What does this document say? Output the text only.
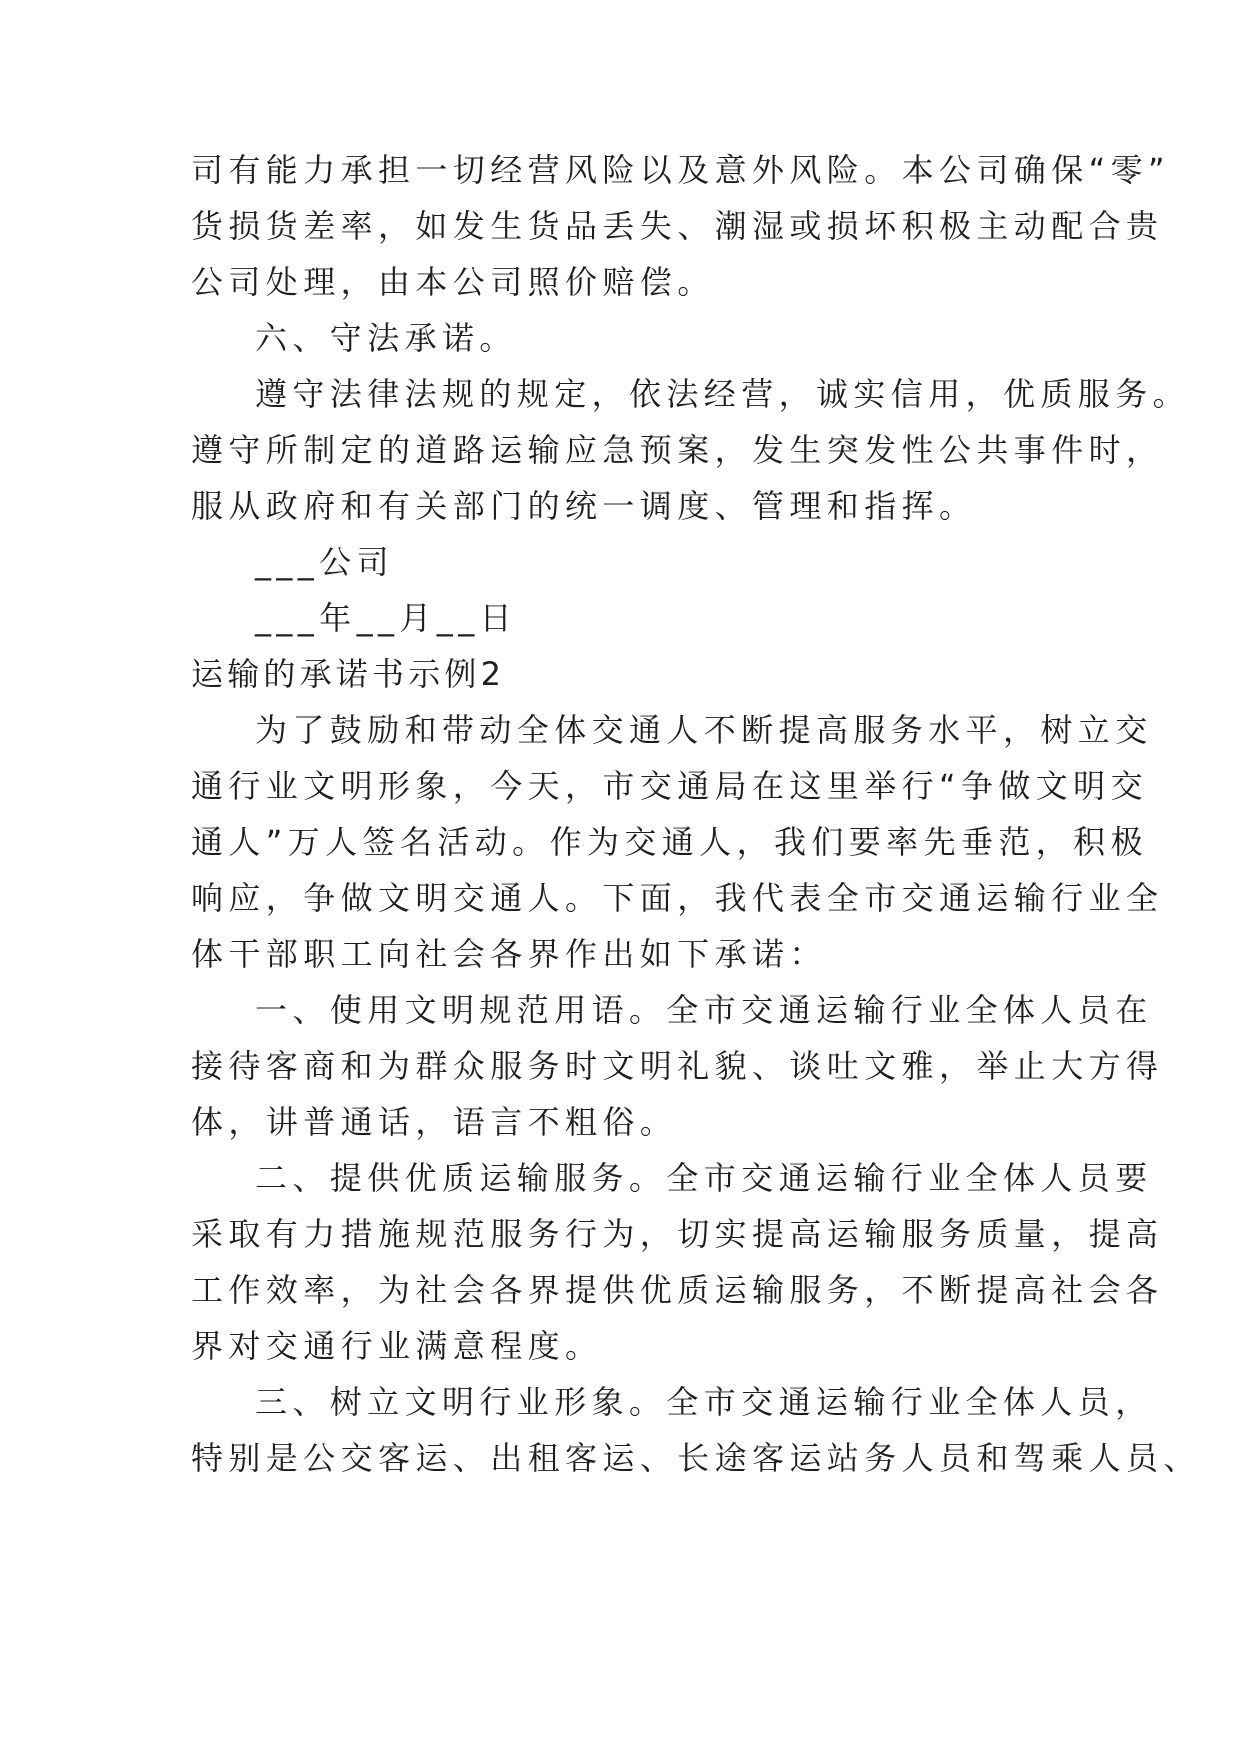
司有能力承担一切经营风险以及意外风险。本公司确保“零”
货损货差率，如发生货品丢失、潮湿或损坏积极主动配合贵
公司处理，由本公司照价赔偿。
六、守法承诺。
遵守法律法规的规定，依法经营，诚实信用，优质服务。
遵守所制定的道路运输应急预案，发生突发性公共事件时，
服从政府和有关部门的统一调度、管理和指挥。
___公司
___年__月__日
运输的承诺书示例2
为了鼓励和带动全体交通人不断提高服务水平，树立交
通行业文明形象，今天，市交通局在这里举行“争做文明交
通人”万人签名活动。作为交通人，我们要率先垂范，积极
响应，争做文明交通人。下面，我代表全市交通运输行业全
体干部职工向社会各界作出如下承诺：
一、使用文明规范用语。全市交通运输行业全体人员在
接待客商和为群众服务时文明礼貌、谈吐文雅，举止大方得
体，讲普通话，语言不粗俗。
二、提供优质运输服务。全市交通运输行业全体人员要
采取有力措施规范服务行为，切实提高运输服务质量，提高
工作效率，为社会各界提供优质运输服务，不断提高社会各
界对交通行业满意程度。
三、树立文明行业形象。全市交通运输行业全体人员，
特别是公交客运、出租客运、长途客运站务人员和驾乘人员、
